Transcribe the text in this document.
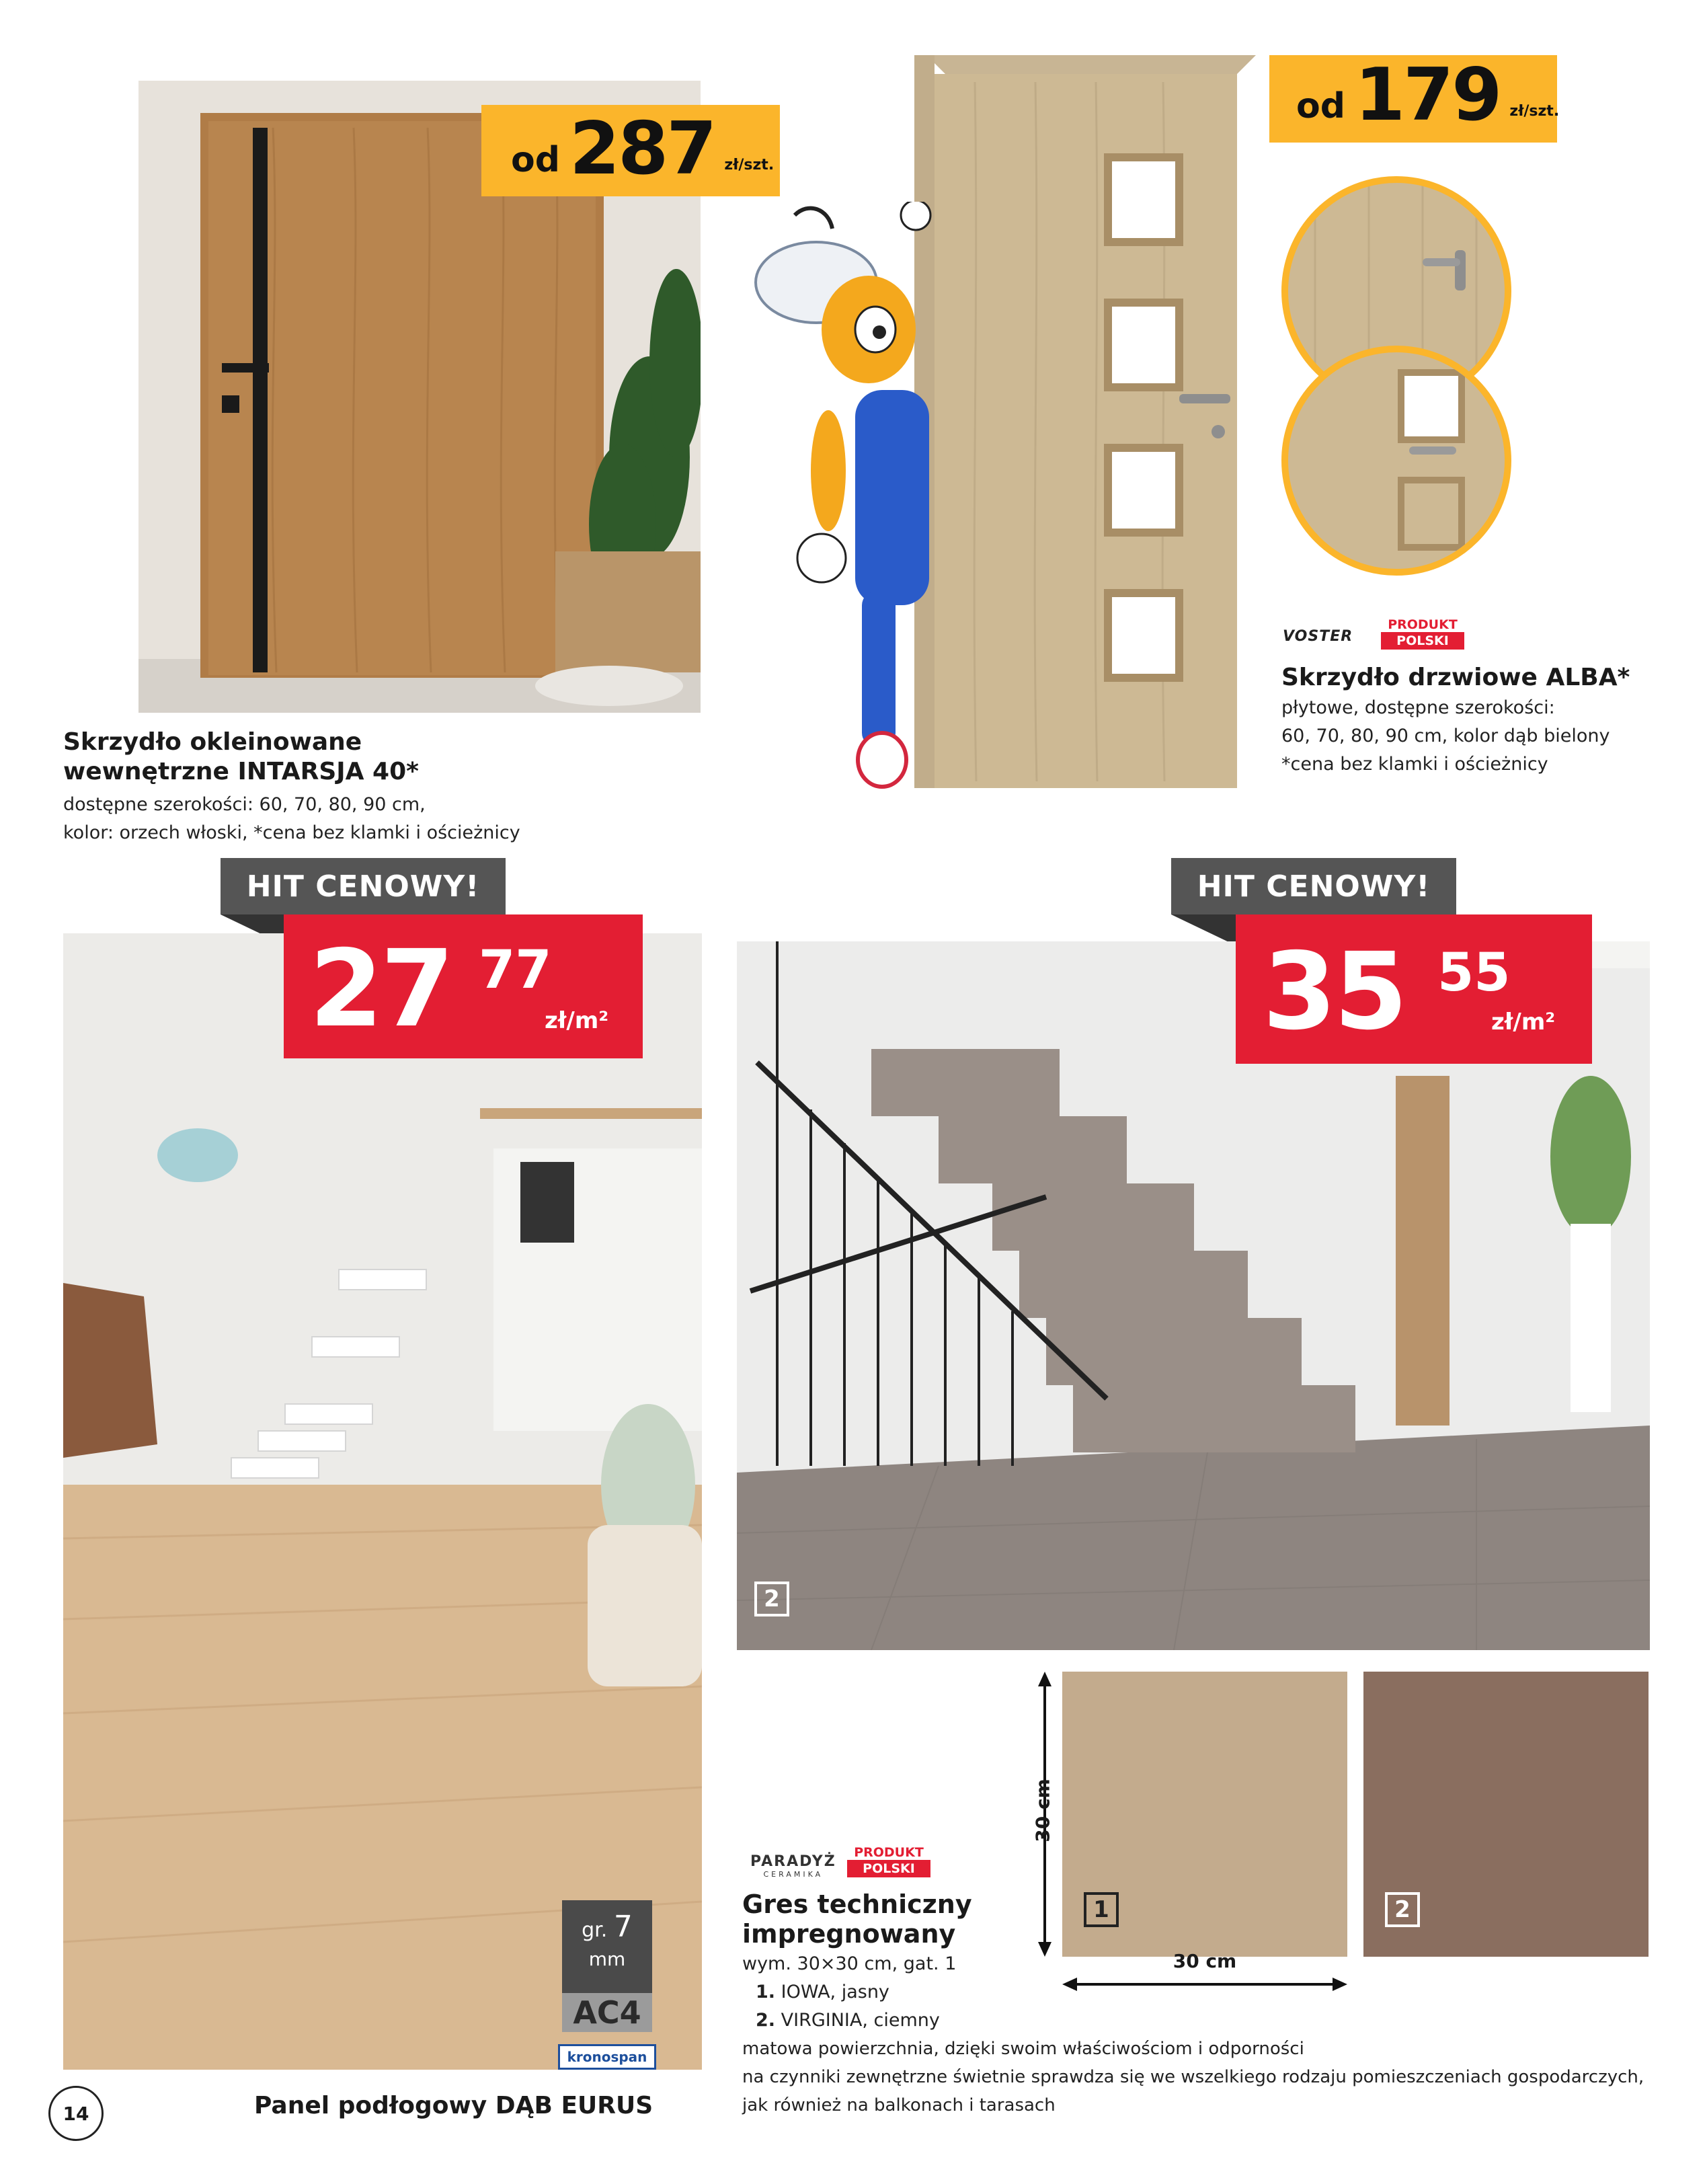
od 287 zł/szt.
Skrzydło okleinowane
wewnętrzne INTARSJA 40*
dostępne szerokości: 60, 70, 80, 90 cm,
kolor: orzech włoski, *cena bez klamki i ościeżnicy
od 179 zł/szt.
VOSTER
PRODUKT
POLSKI
Skrzydło drzwiowe ALBA*
płytowe, dostępne szerokości:
60, 70, 80, 90 cm, kolor dąb bielony
*cena bez klamki i ościeżnicy
HIT CENOWY!
27 77
zł/m²
gr. 7
mm
AC4
kronospan
Panel podłogowy DĄB EURUS
14
HIT CENOWY!
2
35 55
zł/m²
1	2
30 cm
30 cm
PARADYŻ
CERAMIKA
PRODUKT
POLSKI
Gres techniczny
impregnowany
wym. 30×30 cm, gat. 1
1. IOWA, jasny
2. VIRGINIA, ciemny
matowa powierzchnia, dzięki swoim właściwościom i odporności
na czynniki zewnętrzne świetnie sprawdza się we wszelkiego rodzaju pomieszczeniach gospodarczych,
jak również na balkonach i tarasach
